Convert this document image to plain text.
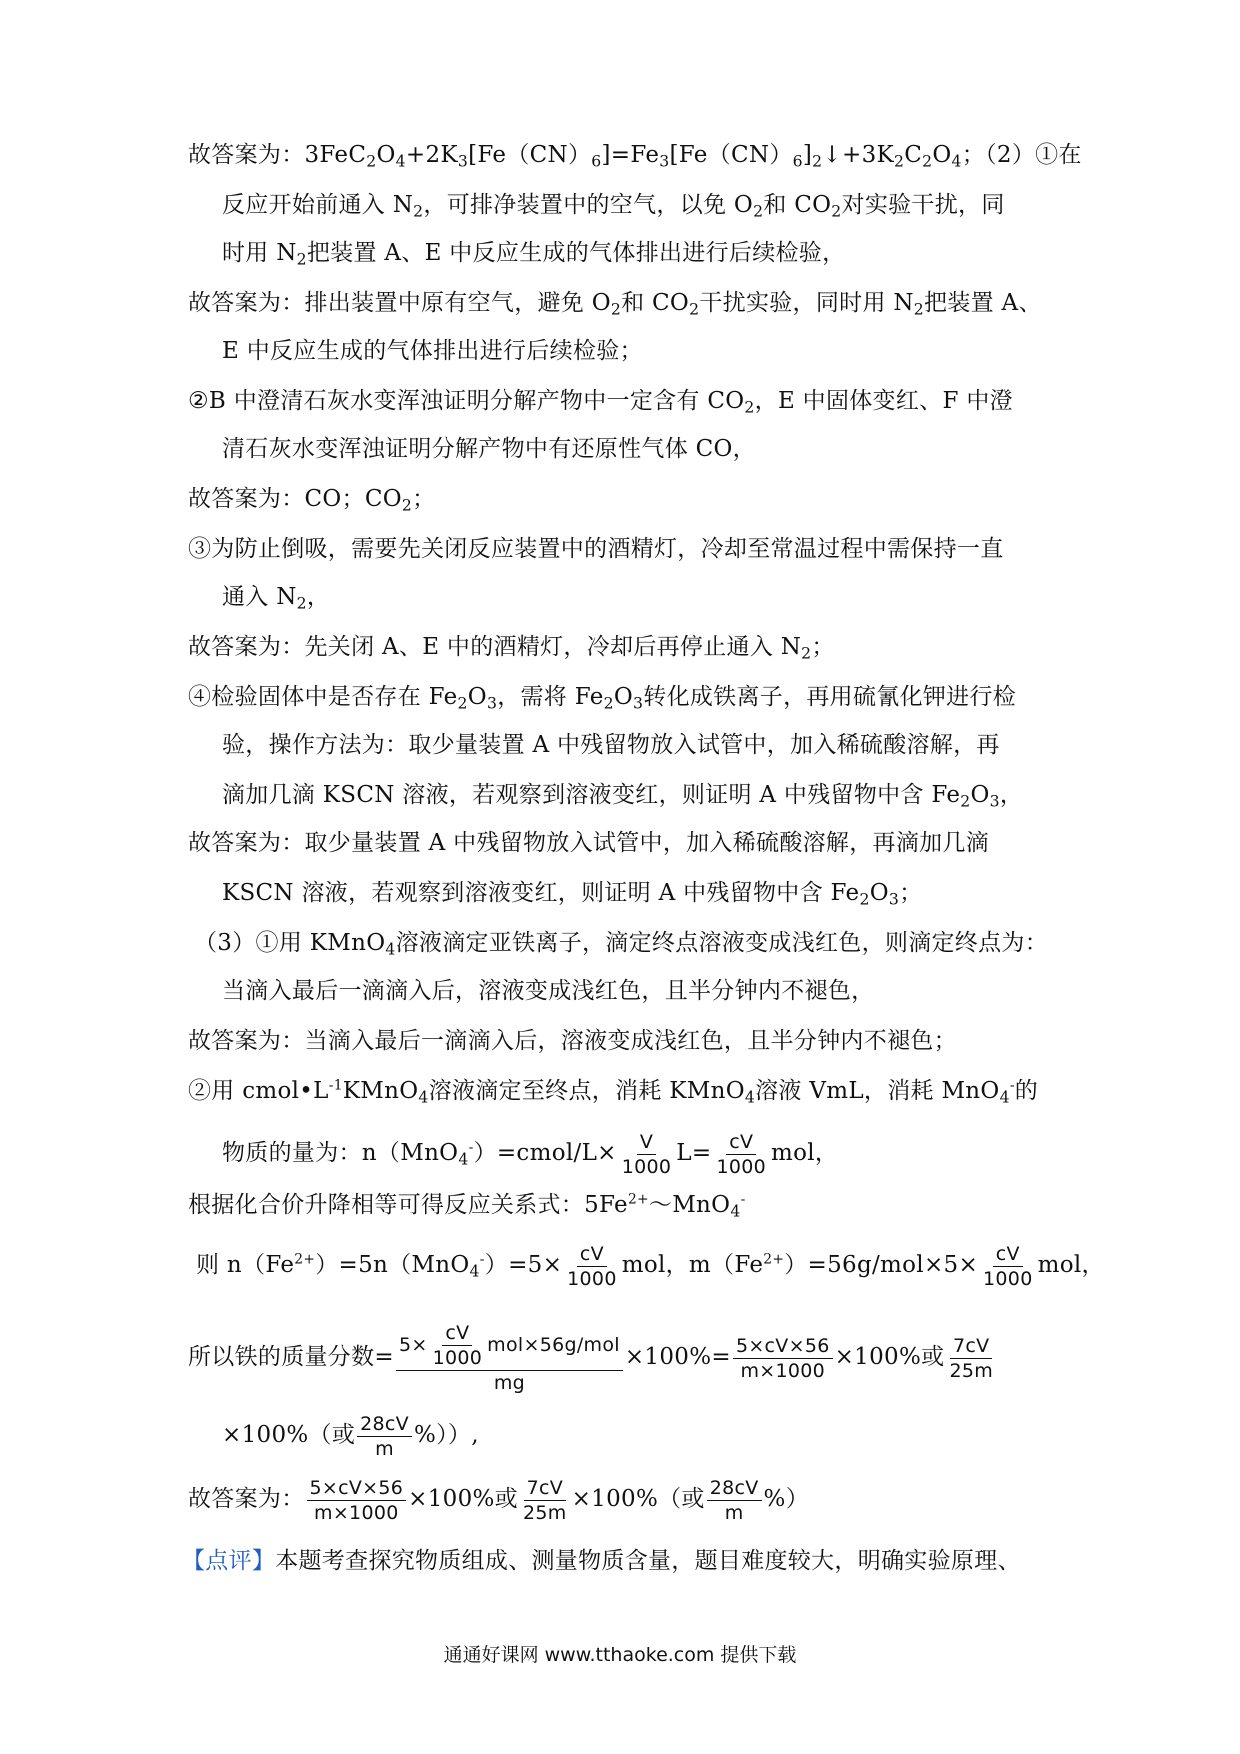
故答案为：$3FeC_2O_4+2K_3[Fe(CN)_6]=Fe_3[Fe(CN)_6]_2↓+3K_2C_2O_4$；（2）①在
反应开始前通入 $N_2$，可排净装置中的空气，以免 $O_2$和 $CO_2$对实验干扰，同
时用 $N_2$把装置 A、E 中反应生成的气体排出进行后续检验，
故答案为：排出装置中原有空气，避免 $O_2$和 $CO_2$干扰实验，同时用 $N_2$把装置 A、
E 中反应生成的气体排出进行后续检验；
②B 中澄清石灰水变浑浊证明分解产物中一定含有 $CO_2$，E 中固体变红、F 中澄
清石灰水变浑浊证明分解产物中有还原性气体 CO，
故答案为：CO；$CO_2$；
③为防止倒吸，需要先关闭反应装置中的酒精灯，冷却至常温过程中需保持一直
通入 $N_2$，
故答案为：先关闭 A、E 中的酒精灯，冷却后再停止通入 $N_2$；
④检验固体中是否存在 $Fe_2O_3$，需将 $Fe_2O_3$转化成铁离子，再用硫氰化钾进行检
验，操作方法为：取少量装置 A 中残留物放入试管中，加入稀硫酸溶解，再
滴加几滴 KSCN 溶液，若观察到溶液变红，则证明 A 中残留物中含 $Fe_2O_3$，
故答案为：取少量装置 A 中残留物放入试管中，加入稀硫酸溶解，再滴加几滴
KSCN 溶液，若观察到溶液变红，则证明 A 中残留物中含 $Fe_2O_3$；
（3）①用 KMnO$_4$溶液滴定亚铁离子，滴定终点溶液变成浅红色，则滴定终点为：
当滴入最后一滴滴入后，溶液变成浅红色，且半分钟内不褪色，
故答案为：当滴入最后一滴滴入后，溶液变成浅红色，且半分钟内不褪色；
②用 $cmol•L^{-1}KMnO_4$溶液滴定至终点，消耗 KMnO$_4$溶液 VmL，消耗 MnO$_4$-的
物质的量为：n（MnO$_4$-）=cmol/L× $\frac{V}{1000} L= \frac{cV}{1000}$ mol，
根据化合价升降相等可得反应关系式：$5Fe^{2+}\sim MnO_4^-$
则 $n(Fe^{2+})=5n(MnO_4^-)=5\times \frac{cV}{1000}$ mol，$m(Fe^{2+})=56g/mol\times 5\times \frac{cV}{1000}$ mol，
所以铁的质量分数= $\frac{5\times \frac{cV}{1000} mol\times 56g/mol}{mg} \times 100\%= \frac{5\times cV\times 56}{m\times 1000} \times 100\%$或 $\frac{7cV}{25m}$
×100%（或 $\frac{28cV}{m}$ %））,
故答案为： $\frac{5\times cV\times 56}{m\times 1000} \times 100\%$或 $\frac{7cV}{25m} \times 100\%$（或 $\frac{28cV}{m}$ %）
【点评】本题考查探究物质组成、测量物质含量，题目难度较大，明确实验原理、
通通好课网 www.tthaoke.com 提供下载
